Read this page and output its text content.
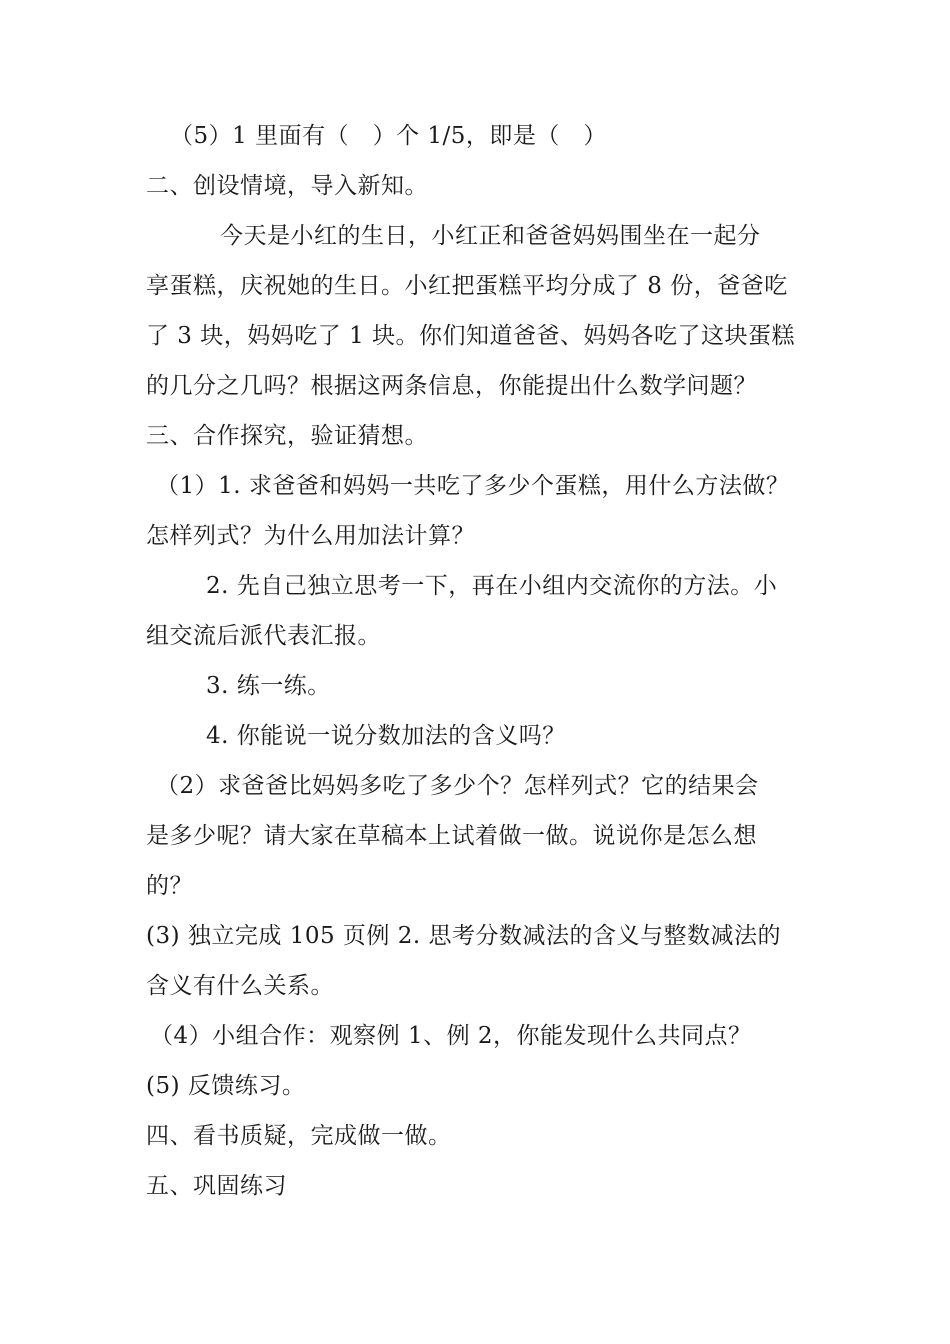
（5）1 里面有（　）个 1/5，即是（　）
二、创设情境，导入新知。
今天是小红的生日，小红正和爸爸妈妈围坐在一起分
享蛋糕，庆祝她的生日。小红把蛋糕平均分成了 8 份，爸爸吃
了 3 块，妈妈吃了 1 块。你们知道爸爸、妈妈各吃了这块蛋糕
的几分之几吗？根据这两条信息，你能提出什么数学问题？
三、合作探究，验证猜想。
（1）1. 求爸爸和妈妈一共吃了多少个蛋糕，用什么方法做？
怎样列式？为什么用加法计算？
2. 先自己独立思考一下，再在小组内交流你的方法。小
组交流后派代表汇报。
3. 练一练。
4. 你能说一说分数加法的含义吗？
（2）求爸爸比妈妈多吃了多少个？怎样列式？它的结果会
是多少呢？请大家在草稿本上试着做一做。说说你是怎么想
的？
(3) 独立完成 105 页例 2. 思考分数减法的含义与整数减法的
含义有什么关系。
（4）小组合作：观察例 1、例 2，你能发现什么共同点？
(5) 反馈练习。
四、看书质疑，完成做一做。
五、巩固练习
